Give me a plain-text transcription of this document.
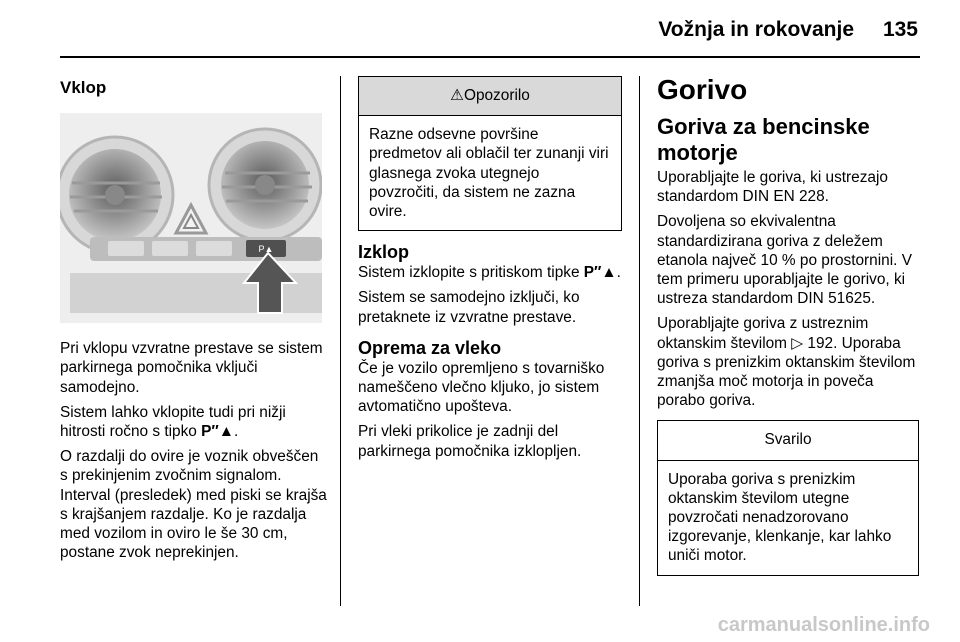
Vožnja in rokovanje	135
Vklop
P▲

Pri vklopu vzvratne prestave se sistem parkirnega pomočnika vključi samodejno.

Sistem lahko vklopite tudi pri nižji hitrosti ročno s tipko P″▲.

O razdalji do ovire je voznik obveščen s prekinjenim zvočnim signalom. Interval (presledek) med piski se krajša s krajšanjem razdalje. Ko je razdalja med vozilom in oviro le še 30 cm, postane zvok neprekinjen.

⚠Opozorilo
Razne odsevne površine predmetov ali oblačil ter zunanji viri glasnega zvoka utegnejo povzročiti, da sistem ne zazna ovire.
Izklop

Sistem izklopite s pritiskom tipke P″▲.

Sistem se samodejno izključi, ko pretaknete iz vzvratne prestave.

Oprema za vleko

Če je vozilo opremljeno s tovarniško nameščeno vlečno kljuko, jo sistem avtomatično upošteva.

Pri vleki prikolice je zadnji del parkirnega pomočnika izklopljen.

Gorivo
Goriva za bencinske motorje

Uporabljajte le goriva, ki ustrezajo standardom DIN EN 228.

Dovoljena so ekvivalentna standardizirana goriva z deležem etanola največ 10 % po prostornini. V tem primeru uporabljajte le gorivo, ki ustreza standardom DIN 51625.

Uporabljajte goriva z ustreznim oktanskim številom ▷ 192. Uporaba goriva s prenizkim oktanskim številom zmanjša moč motorja in poveča porabo goriva.

Svarilo
Uporaba goriva s prenizkim oktanskim številom utegne povzročati nenadzorovano izgorevanje, klenkanje, kar lahko uniči motor.
carmanualsonline.info
